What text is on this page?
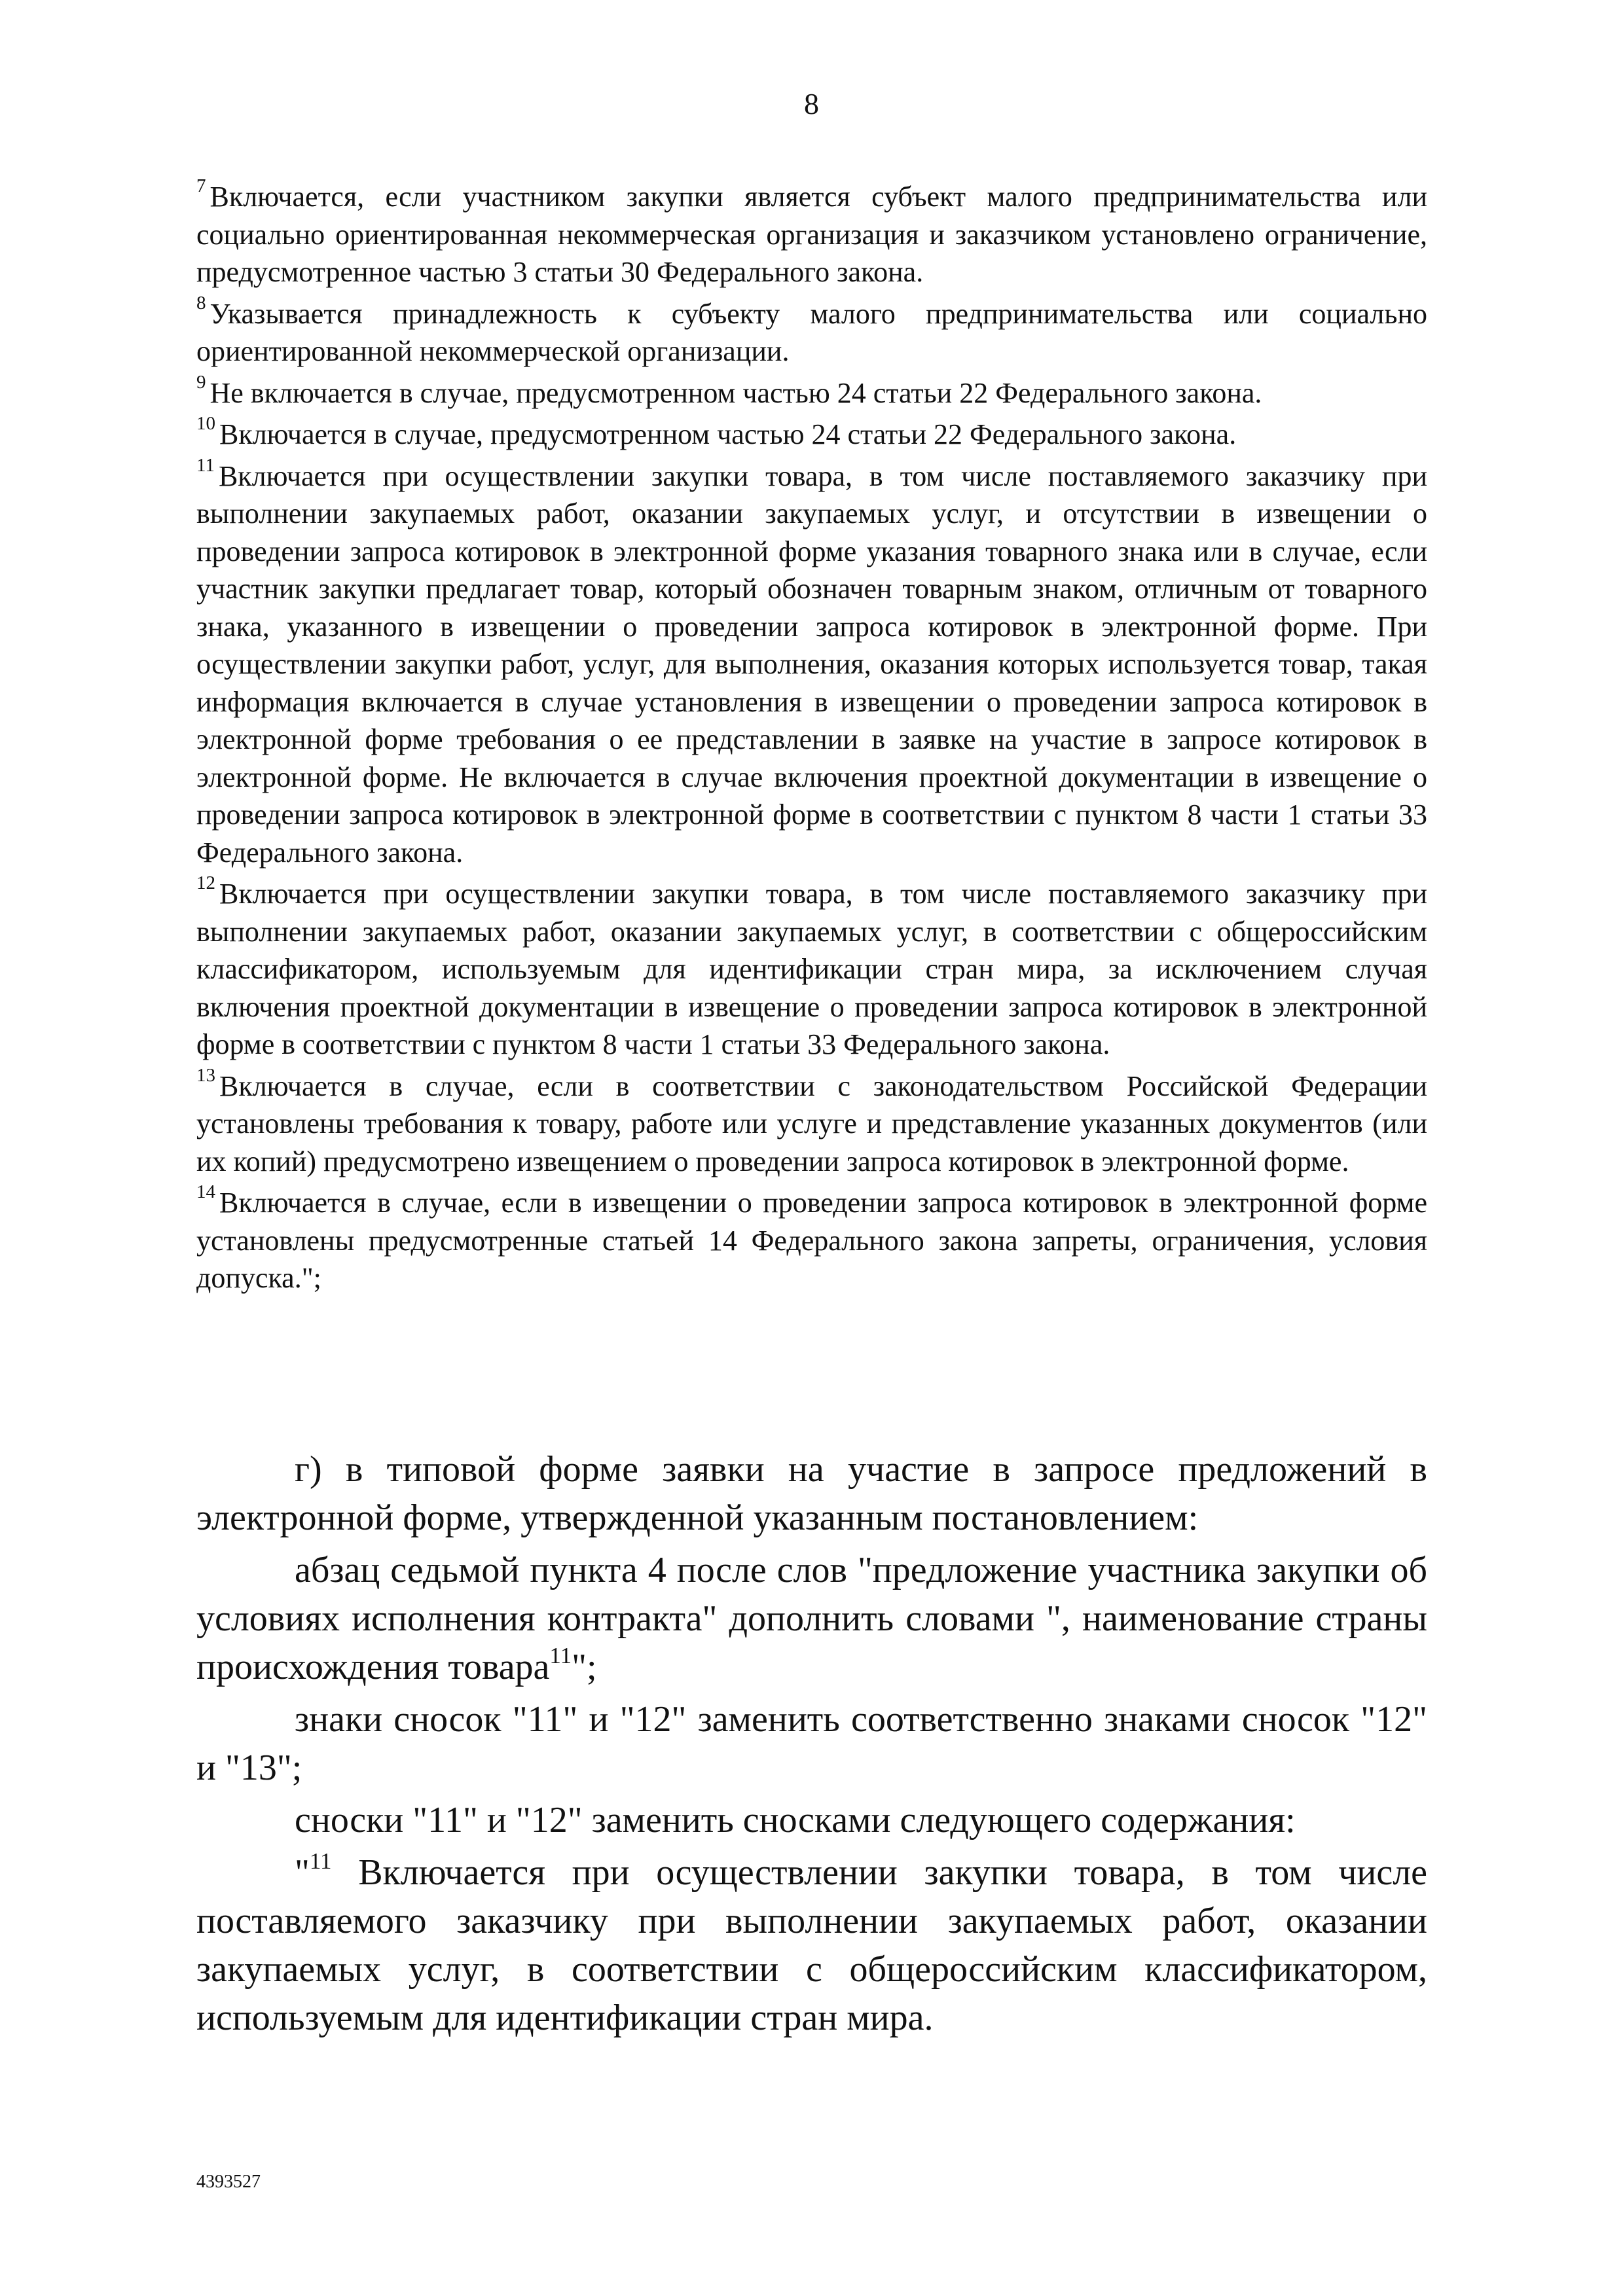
8

$^7$ Включается, если участником закупки является субъект малого предпринимательства или социально ориентированная некоммерческая организация и заказчиком установлено ограничение, предусмотренное частью 3 статьи 30 Федерального закона.

$^8$ Указывается принадлежность к субъекту малого предпринимательства или социально ориентированной некоммерческой организации.

$^9$ Не включается в случае, предусмотренном частью 24 статьи 22 Федерального закона.

$^{10}$ Включается в случае, предусмотренном частью 24 статьи 22 Федерального закона.

$^{11}$ Включается при осуществлении закупки товара, в том числе поставляемого заказчику при выполнении закупаемых работ, оказании закупаемых услуг, и отсутствии в извещении о проведении запроса котировок в электронной форме указания товарного знака или в случае, если участник закупки предлагает товар, который обозначен товарным знаком, отличным от товарного знака, указанного в извещении о проведении запроса котировок в электронной форме. При осуществлении закупки работ, услуг, для выполнения, оказания которых используется товар, такая информация включается в случае установления в извещении о проведении запроса котировок в электронной форме требования о ее представлении в заявке на участие в запросе котировок в электронной форме. Не включается в случае включения проектной документации в извещение о проведении запроса котировок в электронной форме в соответствии с пунктом 8 части 1 статьи 33 Федерального закона.

$^{12}$ Включается при осуществлении закупки товара, в том числе поставляемого заказчику при выполнении закупаемых работ, оказании закупаемых услуг, в соответствии с общероссийским классификатором, используемым для идентификации стран мира, за исключением случая включения проектной документации в извещение о проведении запроса котировок в электронной форме в соответствии с пунктом 8 части 1 статьи 33 Федерального закона.

$^{13}$ Включается в случае, если в соответствии с законодательством Российской Федерации установлены требования к товару, работе или услуге и представление указанных документов (или их копий) предусмотрено извещением о проведении запроса котировок в электронной форме.

$^{14}$ Включается в случае, если в извещении о проведении запроса котировок в электронной форме установлены предусмотренные статьей 14 Федерального закона запреты, ограничения, условия допуска.";

г) в типовой форме заявки на участие в запросе предложений в электронной форме, утвержденной указанным постановлением:

абзац седьмой пункта 4 после слов "предложение участника закупки об условиях исполнения контракта" дополнить словами ", наименование страны происхождения товара$^{11}$";

знаки сносок "11" и "12" заменить соответственно знаками сносок "12" и "13";

сноски "11" и "12" заменить сносками следующего содержания:

"$^{11}$ Включается при осуществлении закупки товара, в том числе поставляемого заказчику при выполнении закупаемых работ, оказании закупаемых услуг, в соответствии с общероссийским классификатором, используемым для идентификации стран мира.

4393527
